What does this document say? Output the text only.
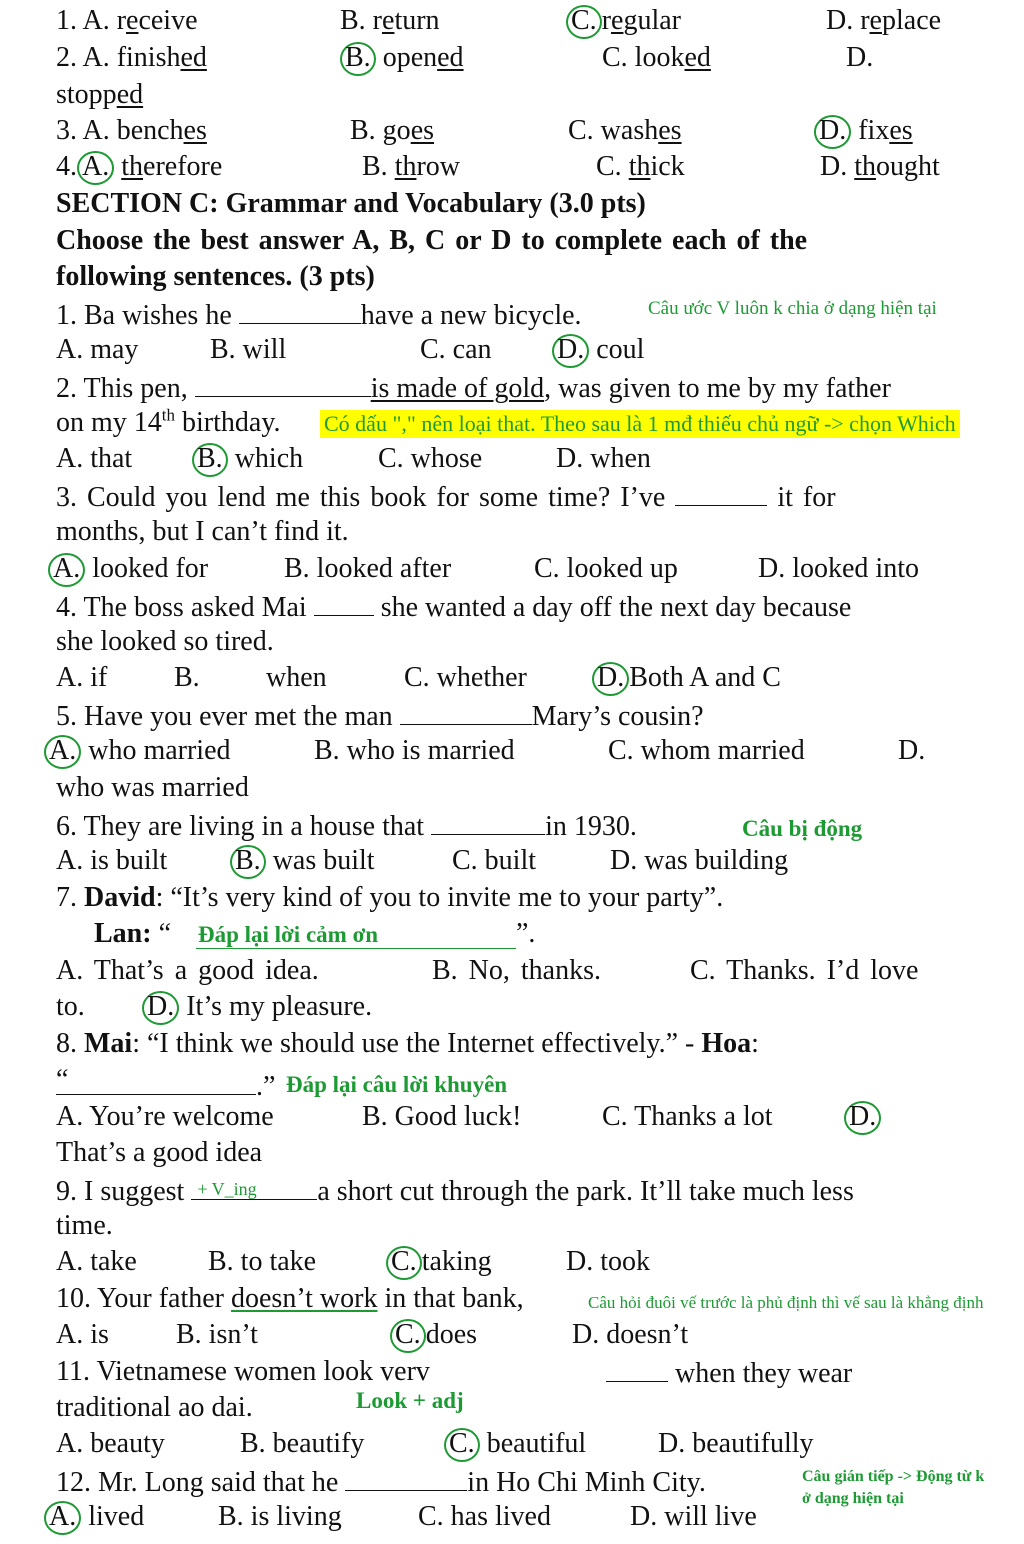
1. A. receive	B. return	C. regular	D. replace
2. A. finished	B. opened	C. looked	D.
stopped
3. A. benches	B. goes	C. washes	D. fixes
4. A. therefore	B. throw	C. thick	D. thought
SECTION C: Grammar and Vocabulary (3.0 pts)
Choose the best answer A, B, C or D to complete each of the
following sentences. (3 pts)
1. Ba wishes he	have a new bicycle.	Câu ước V luôn k chia ở dạng hiện tại
A. may	B. will	C. can D. coul
2. This pen,	is made of gold, was given to me by my father
on my 14th birthday. Có dấu "," nên loại that. Theo sau là 1 mđ thiếu chủ ngữ -> chọn Which
A. that B. which	C. whose	D. when
3. Could you lend me this book for some time? I’ve	it for
months, but I can’t find it.
A. looked for	B. looked after	C. looked up	D. looked into
4. The boss asked Mai  she wanted a day off the next day because
she looked so tired.
A. if B. when	C. whether	D. Both A and C
5. Have you ever met the man	Mary’s cousin?
A. who married	B. who is married	C. whom married	D.
who was married
6. They are living in a house that	in 1930.	Câu bị động
A. is built B. was built	C. built	D. was building
7. David: “It’s very kind of you to invite me to your party”.
Lan: “ Đáp lại lời cảm ơn	”.
A. That’s a good idea.	B. No, thanks.	C. Thanks. I’d love
to. D. It’s my pleasure.
8. Mai: “I think we should use the Internet effectively.” - Hoa:
“	.” Đáp lại câu lời khuyên
A. You’re welcome	B. Good luck!	C. Thanks a lot	D.
That’s a good idea
9. I suggest + V_ing a short cut through the park. It’ll take much less
time.
A. take	B. to take	C. taking	D. took
10. Your father doesn’t work in that bank,	Câu hỏi đuôi vế trước là phủ định thì vế sau là khẳng định
A. is B. isn’t	C. does	D. doesn’t
11. Vietnamese women look verv	when they wear
traditional ao dai.	Look + adj
A. beauty	B. beautify	C. beautiful	D. beautifully
12. Mr. Long said that he	in Ho Chi Minh City.	Câu gián tiếp -> Động từ k
ở dạng hiện tại
A. lived	B. is living	C. has lived	D. will live
